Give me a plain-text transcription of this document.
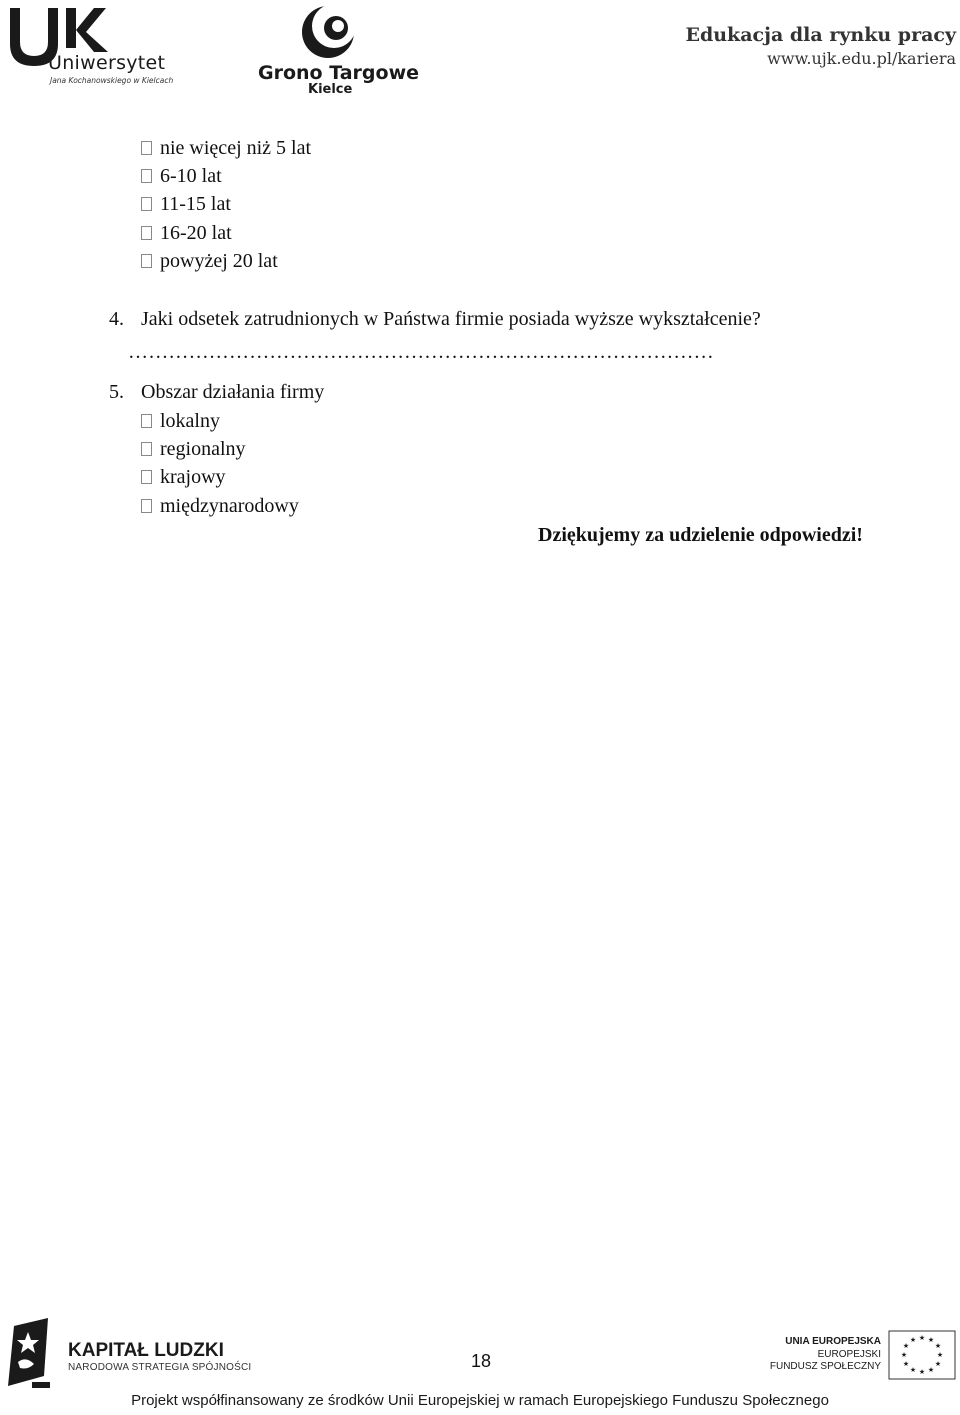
Uniwersytet
Jana Kochanowskiego w Kielcach	Grono Targowe
Kielce
Edukacja dla rynku pracy
www.ujk.edu.pl/kariera
nie więcej niż 5 lat
6-10 lat
11-15 lat
16-20 lat
powyżej 20 lat
4. Jaki odsetek zatrudnionych w Państwa firmie posiada wyższe wykształcenie?
……………………………………………………………………………
5. Obszar działania firmy
lokalny
regionalny
krajowy
międzynarodowy
Dziękujemy za udzielenie odpowiedzi!
KAPITAŁ LUDZKI
NARODOWA STRATEGIA SPÓJNOŚCI	18
UNIA EUROPEJSKA
EUROPEJSKI
FUNDUSZ SPOŁECZNY
★ ★
★
★
★
★
★
★
★
★
★
★
Projekt współfinansowany ze środków Unii Europejskiej w ramach Europejskiego Funduszu Społecznego
